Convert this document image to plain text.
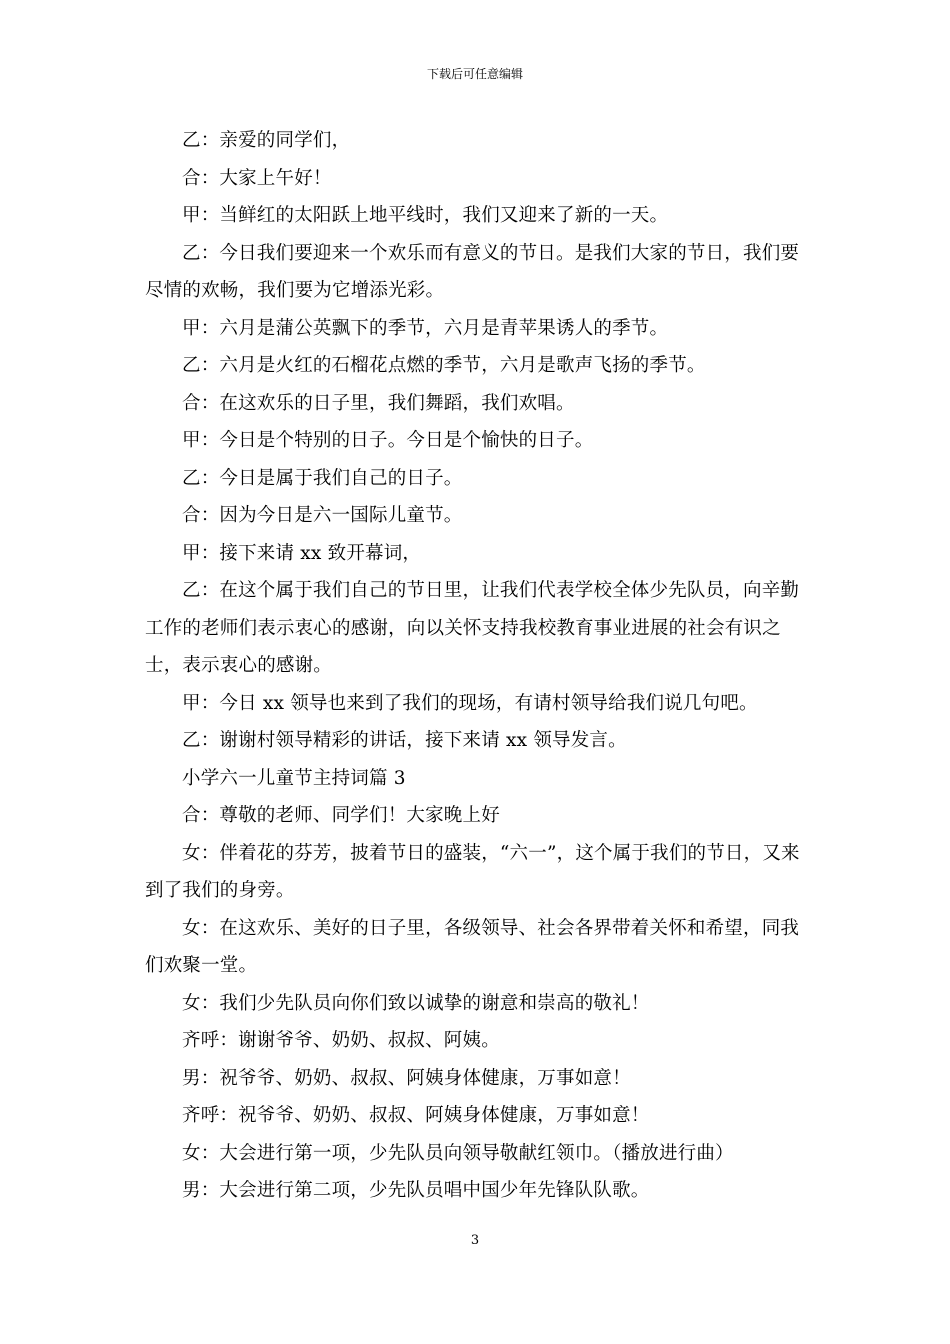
下载后可任意编辑

乙：亲爱的同学们，

合：大家上午好！

甲：当鲜红的太阳跃上地平线时，我们又迎来了新的一天。

乙：今日我们要迎来一个欢乐而有意义的节日。是我们大家的节日，我们要尽情的欢畅，我们要为它增添光彩。

甲：六月是蒲公英飘下的季节，六月是青苹果诱人的季节。

乙：六月是火红的石榴花点燃的季节，六月是歌声飞扬的季节。

合：在这欢乐的日子里，我们舞蹈，我们欢唱。

甲：今日是个特别的日子。今日是个愉快的日子。

乙：今日是属于我们自己的日子。

合：因为今日是六一国际儿童节。

甲：接下来请 xx 致开幕词，

乙：在这个属于我们自己的节日里，让我们代表学校全体少先队员，向辛勤工作的老师们表示衷心的感谢，向以关怀支持我校教育事业进展的社会有识之士，表示衷心的感谢。

甲：今日 xx 领导也来到了我们的现场，有请村领导给我们说几句吧。

乙：谢谢村领导精彩的讲话，接下来请 xx 领导发言。

小学六一儿童节主持词篇 3

合：尊敬的老师、同学们！大家晚上好

女：伴着花的芬芳，披着节日的盛装，“六一”，这个属于我们的节日，又来到了我们的身旁。

女：在这欢乐、美好的日子里，各级领导、社会各界带着关怀和希望，同我们欢聚一堂。

女：我们少先队员向你们致以诚挚的谢意和崇高的敬礼！

齐呼：谢谢爷爷、奶奶、叔叔、阿姨。

男：祝爷爷、奶奶、叔叔、阿姨身体健康，万事如意！

齐呼：祝爷爷、奶奶、叔叔、阿姨身体健康，万事如意！

女：大会进行第一项，少先队员向领导敬献红领巾。（播放进行曲）

男：大会进行第二项，少先队员唱中国少年先锋队队歌。

3
